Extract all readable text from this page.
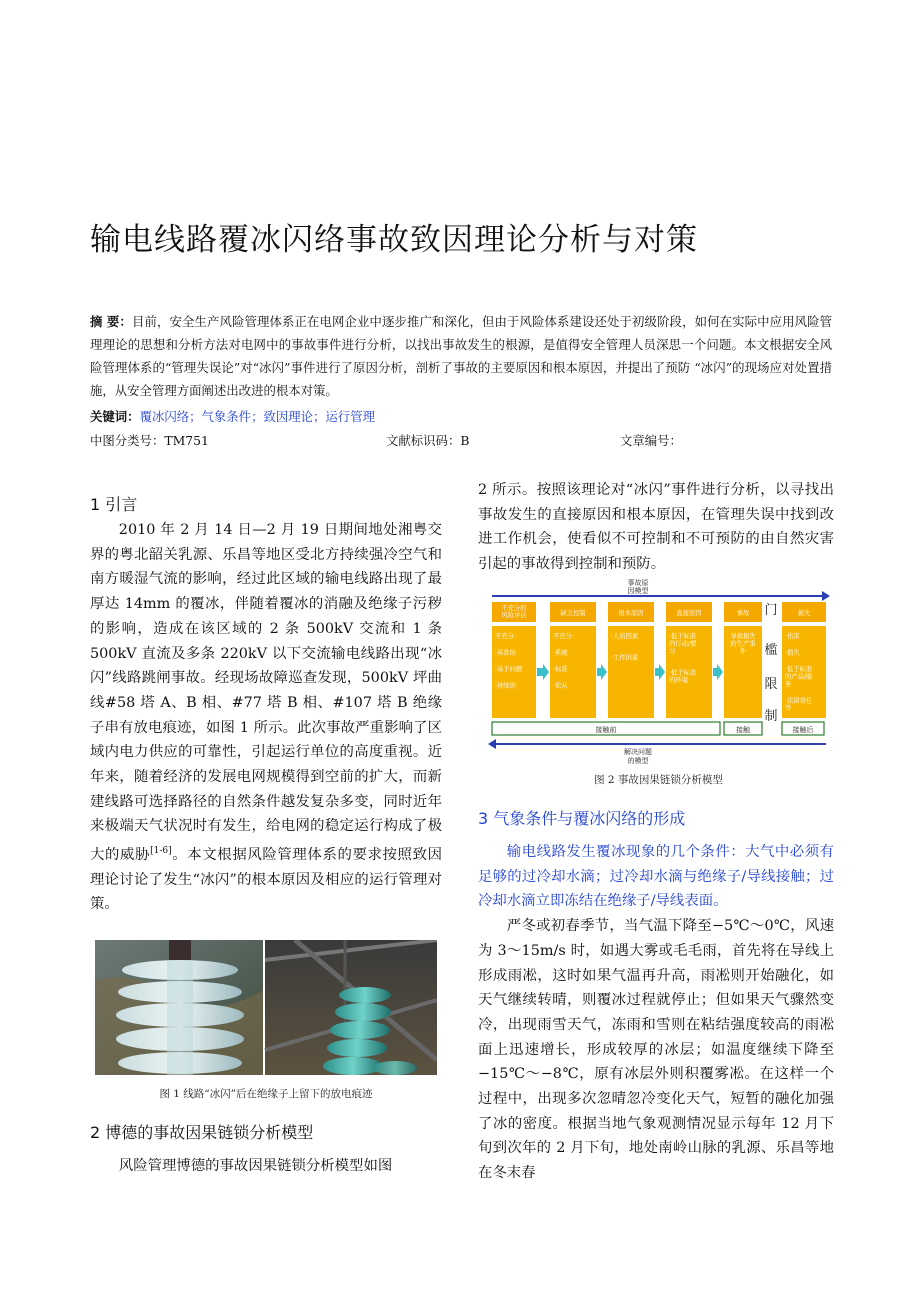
输电线路覆冰闪络事故致因理论分析与对策
摘 要：目前，安全生产风险管理体系正在电网企业中逐步推广和深化，但由于风险体系建设还处于初级阶段，如何在实际中应用风险管理理论的思想和分析方法对电网中的事故事件进行分析，以找出事故发生的根源，是值得安全管理人员深思一个问题。本文根据安全风险管理体系的“管理失误论”对“冰闪”事件进行了原因分析，剖析了事故的主要原因和根本原因，并提出了预防 “冰闪”的现场应对处置措施，从安全管理方面阐述出改进的根本对策。
关键词：覆冰闪络；气象条件；致因理论；运行管理
中图分类号：TM751	文献标识码：B	文章编号：
1 引言

2010 年 2 月 14 日—2 月 19 日期间地处湘粤交界的粤北韶关乳源、乐昌等地区受北方持续强冷空气和南方暖湿气流的影响，经过此区域的输电线路出现了最厚达 14mm 的覆冰，伴随着覆冰的消融及绝缘子污秽的影响，造成在该区域的 2 条 500kV 交流和 1 条 500kV 直流及多条 220kV 以下交流输电线路出现“冰闪”线路跳闸事故。经现场故障巡查发现，500kV 坪曲线#58 塔 A、B 相、#77 塔 B 相、#107 塔 B 绝缘子串有放电痕迹，如图 1 所示。此次事故严重影响了区域内电力供应的可靠性，引起运行单位的高度重视。近年来，随着经济的发展电网规模得到空前的扩大，而新建线路可选择路径的自然条件越发复杂多变，同时近年来极端天气状况时有发生，给电网的稳定运行构成了极大的威胁[1-6]。本文根据风险管理体系的要求按照致因理论讨论了发生“冰闪”的根本原因及相应的运行管理对策。

图 1 线路“冰闪”后在绝缘子上留下的放电痕迹
2 博德的事故因果链锁分析模型

风险管理博德的事故因果链锁分析模型如图

2 所示。按照该理论对“冰闪”事件进行分析，以寻找出事故发生的直接原因和根本原因，在管理失误中找到改进工作机会，使看似不可控制和不可预防的由自然灾害引起的事故得到控制和预防。

事故原
因模型
不充分的风险评估
不充分：
·基准的
·基于问题
·持续的
缺乏控制
不充分：
·系统
·标准
·依从
根本原因
·人员因素
·工作因素
直接原因
·低于标准的行动/惯习
·低于标准的环境
事故
导致损失的生产事件
损失
·伤害
·损失
·低于标准的产品/服务
·法律责任等
门
槛
限
制
接触前	接触	接触后
解决问题
的模型
图 2 事故因果链锁分析模型
3 气象条件与覆冰闪络的形成

输电线路发生覆冰现象的几个条件：大气中必须有足够的过冷却水滴；过冷却水滴与绝缘子/导线接触；过冷却水滴立即冻结在绝缘子/导线表面。

严冬或初春季节，当气温下降至−5℃～0℃，风速为 3～15m/s 时，如遇大雾或毛毛雨，首先将在导线上形成雨凇，这时如果气温再升高，雨凇则开始融化，如天气继续转晴，则覆冰过程就停止；但如果天气骤然变冷，出现雨雪天气，冻雨和雪则在粘结强度较高的雨凇面上迅速增长，形成较厚的冰层；如温度继续下降至−15℃～−8℃，原有冰层外则积覆雾凇。在这样一个过程中，出现多次忽晴忽冷变化天气，短暂的融化加强了冰的密度。根据当地气象观测情况显示每年 12 月下旬到次年的 2 月下旬，地处南岭山脉的乳源、乐昌等地在冬末春
